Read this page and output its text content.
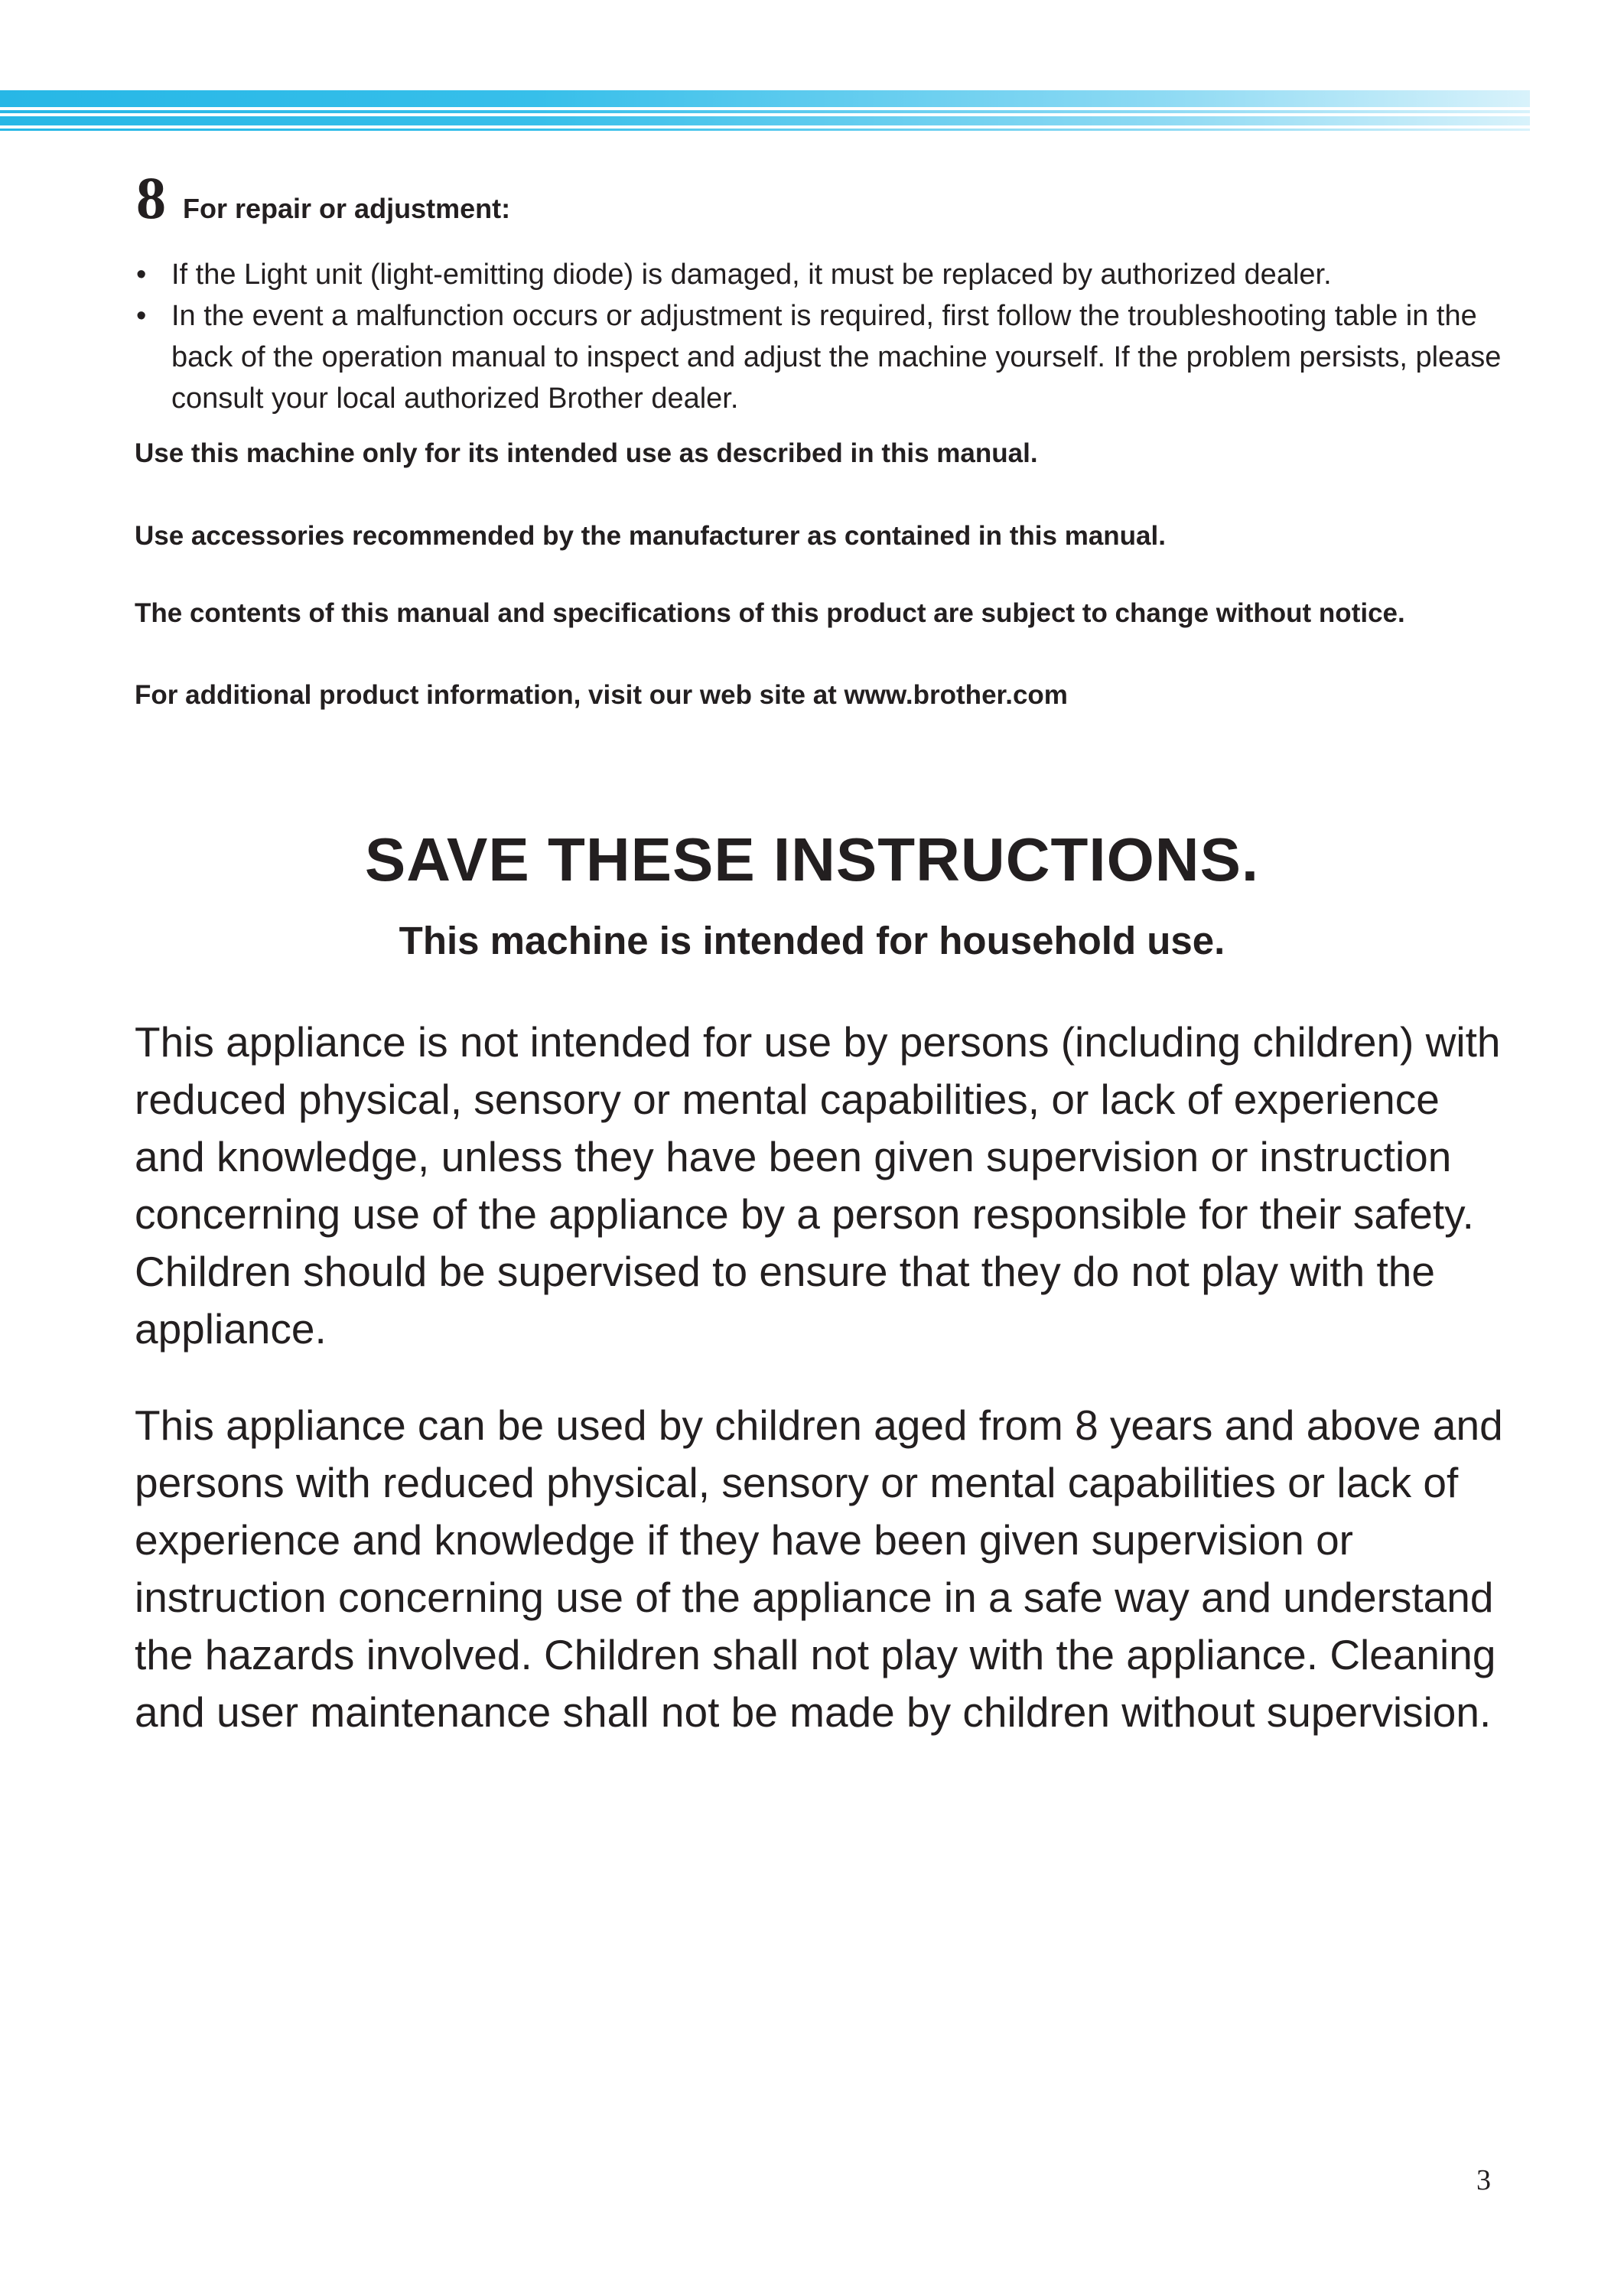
8 For repair or adjustment:
• If the Light unit (light-emitting diode) is damaged, it must be replaced by authorized dealer.
• In the event a malfunction occurs or adjustment is required, first follow the troubleshooting table in the back of the operation manual to inspect and adjust the machine yourself. If the problem persists, please consult your local authorized Brother dealer.
Use this machine only for its intended use as described in this manual.
Use accessories recommended by the manufacturer as contained in this manual.
The contents of this manual and specifications of this product are subject to change without notice.
For additional product information, visit our web site at www.brother.com
SAVE THESE INSTRUCTIONS.
This machine is intended for household use.

This appliance is not intended for use by persons (including children) with reduced physical, sensory or mental capabilities, or lack of experience and knowledge, unless they have been given supervision or instruction concerning use of the appliance by a person responsible for their safety. Children should be supervised to ensure that they do not play with the appliance.

This appliance can be used by children aged from 8 years and above and persons with reduced physical, sensory or mental capabilities or lack of experience and knowledge if they have been given supervision or instruction concerning use of the appliance in a safe way and understand the hazards involved. Children shall not play with the appliance. Cleaning and user maintenance shall not be made by children without supervision.

3
